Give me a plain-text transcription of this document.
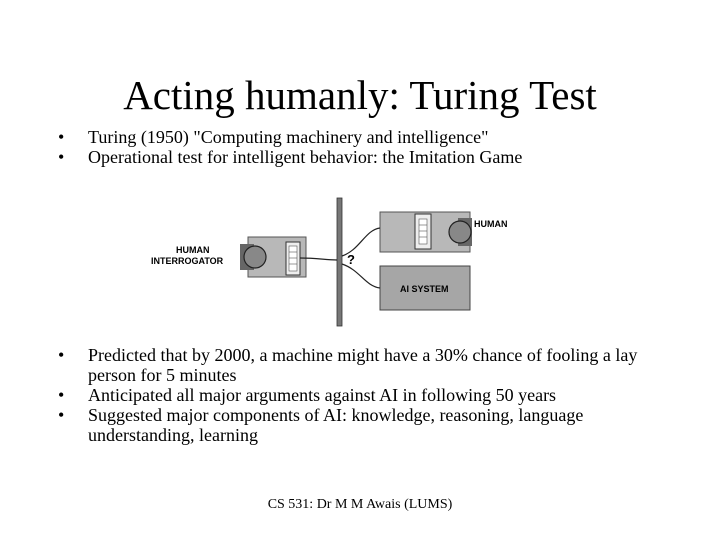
Acting humanly: Turing Test
• Turing (1950) "Computing machinery and intelligence"
• Operational test for intelligent behavior: the Imitation Game
HUMAN
INTERROGATOR
HUMAN
?
AI SYSTEM
• Predicted that by 2000, a machine might have a 30% chance of fooling a lay person for 5 minutes
• Anticipated all major arguments against AI in following 50 years
• Suggested major components of AI: knowledge, reasoning, language understanding, learning
CS 531: Dr M M Awais (LUMS)
